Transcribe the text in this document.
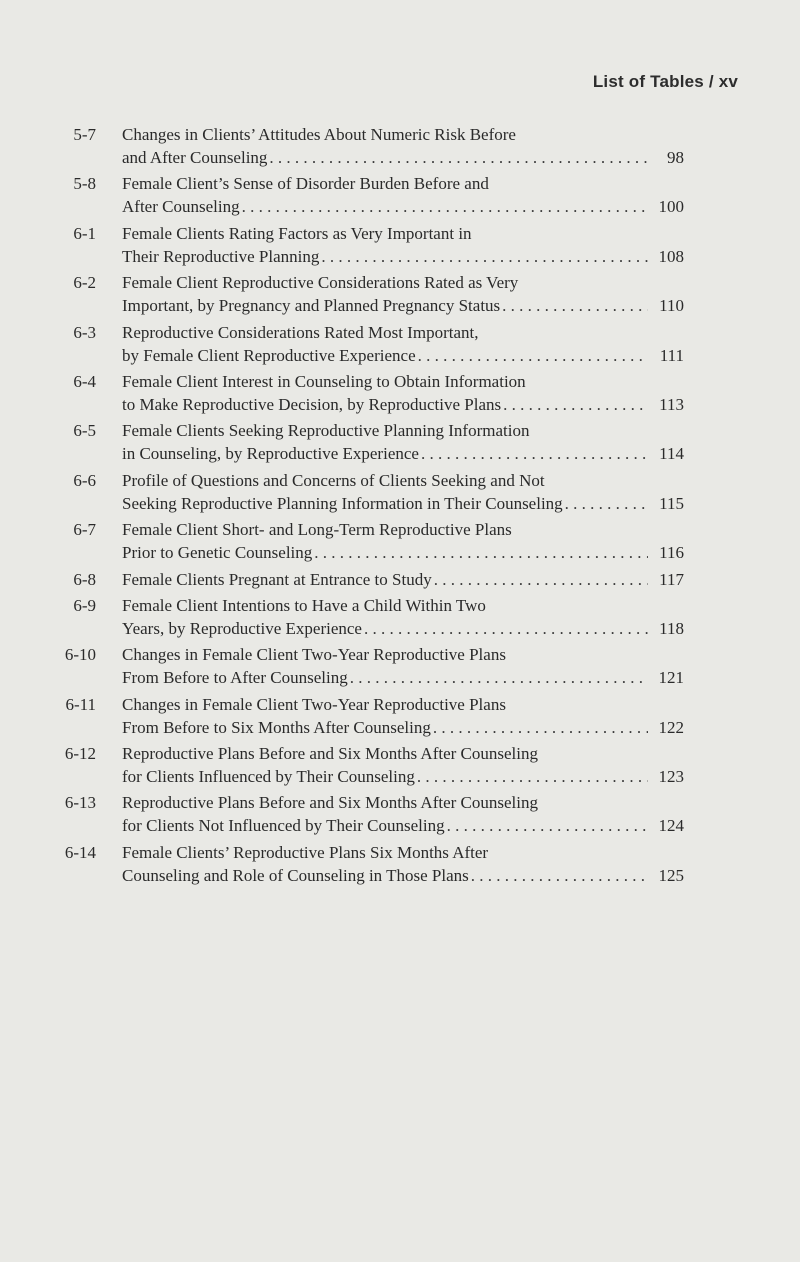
List of Tables / xv
5-7 Changes in Clients’ Attitudes About Numeric Risk Before
and After Counseling . . .	98
5-8 Female Client’s Sense of Disorder Burden Before and
After Counseling . . .	100
6-1 Female Clients Rating Factors as Very Important in
Their Reproductive Planning . . .	108
6-2 Female Client Reproductive Considerations Rated as Very
Important, by Pregnancy and Planned Pregnancy Status . . .	110
6-3 Reproductive Considerations Rated Most Important,
by Female Client Reproductive Experience . . .	111
6-4 Female Client Interest in Counseling to Obtain Information
to Make Reproductive Decision, by Reproductive Plans . . .	113
6-5 Female Clients Seeking Reproductive Planning Information
in Counseling, by Reproductive Experience . . .	114
6-6 Profile of Questions and Concerns of Clients Seeking and Not
Seeking Reproductive Planning Information in Their Counseling . . .	115
6-7 Female Client Short- and Long-Term Reproductive Plans
Prior to Genetic Counseling . . .	116
6-8 Female Clients Pregnant at Entrance to Study . . .	117
6-9 Female Client Intentions to Have a Child Within Two
Years, by Reproductive Experience . . .	118
6-10 Changes in Female Client Two-Year Reproductive Plans
From Before to After Counseling . . .	121
6-11 Changes in Female Client Two-Year Reproductive Plans
From Before to Six Months After Counseling . . .	122
6-12 Reproductive Plans Before and Six Months After Counseling
for Clients Influenced by Their Counseling . . .	123
6-13 Reproductive Plans Before and Six Months After Counseling
for Clients Not Influenced by Their Counseling . . .	124
6-14 Female Clients’ Reproductive Plans Six Months After
Counseling and Role of Counseling in Those Plans . . .	125
